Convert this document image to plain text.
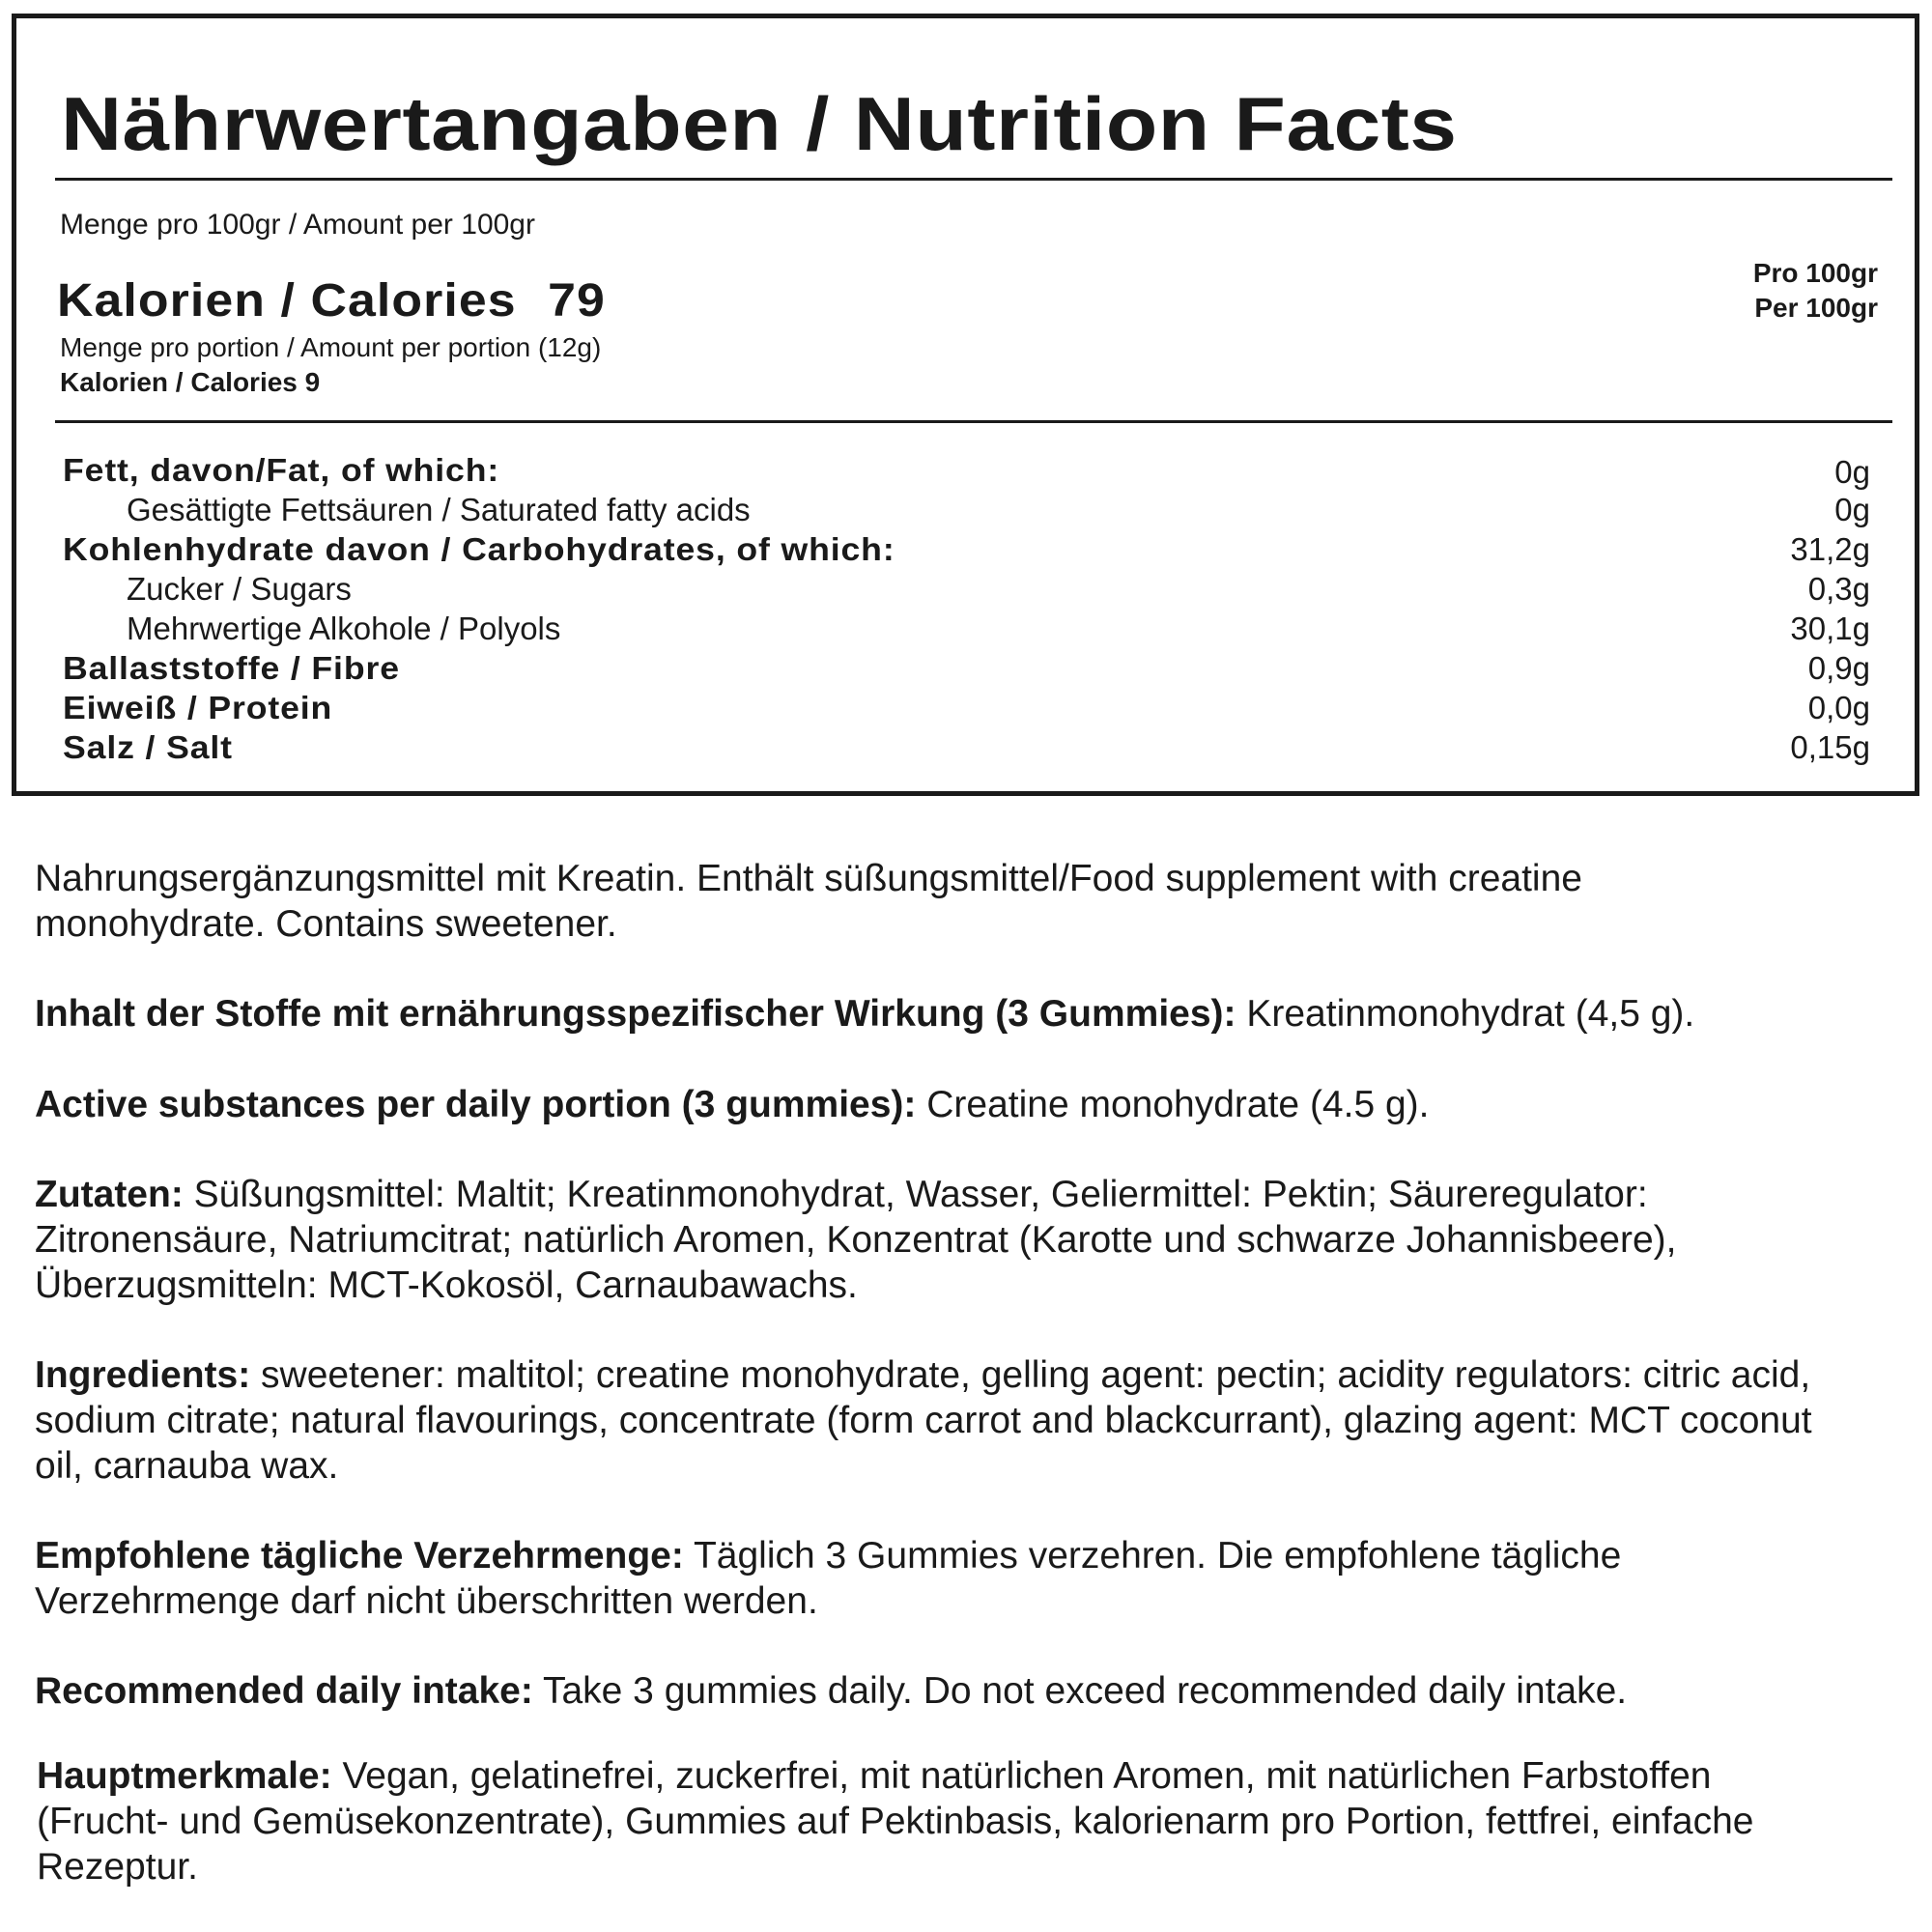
Nährwertangaben / Nutrition Facts
Menge pro 100gr / Amount per 100gr
Kalorien / Calories 79
Pro 100gr
Per 100gr
Menge pro portion / Amount per portion (12g)
Kalorien / Calories 9
Fett, davon/Fat, of which:	0g
Gesättigte Fettsäuren / Saturated fatty acids	0g
Kohlenhydrate davon / Carbohydrates, of which:	31,2g
Zucker / Sugars	0,3g
Mehrwertige Alkohole / Polyols	30,1g
Ballaststoffe / Fibre	0,9g
Eiweiß / Protein	0,0g
Salz / Salt	0,15g
Nahrungsergänzungsmittel mit Kreatin. Enthält süßungsmittel/Food supplement with creatine
monohydrate. Contains sweetener.
Inhalt der Stoffe mit ernährungsspezifischer Wirkung (3 Gummies): Kreatinmonohydrat (4,5 g).
Active substances per daily portion (3 gummies): Creatine monohydrate (4.5 g).
Zutaten: Süßungsmittel: Maltit; Kreatinmonohydrat, Wasser, Geliermittel: Pektin; Säureregulator:
Zitronensäure, Natriumcitrat; natürlich Aromen, Konzentrat (Karotte und schwarze Johannisbeere),
Überzugsmitteln: MCT-Kokosöl, Carnaubawachs.
Ingredients: sweetener: maltitol; creatine monohydrate, gelling agent: pectin; acidity regulators: citric acid,
sodium citrate; natural flavourings, concentrate (form carrot and blackcurrant), glazing agent: MCT coconut
oil, carnauba wax.
Empfohlene tägliche Verzehrmenge: Täglich 3 Gummies verzehren. Die empfohlene tägliche
Verzehrmenge darf nicht überschritten werden.
Recommended daily intake: Take 3 gummies daily. Do not exceed recommended daily intake.
Hauptmerkmale: Vegan, gelatinefrei, zuckerfrei, mit natürlichen Aromen, mit natürlichen Farbstoffen
(Frucht- und Gemüsekonzentrate), Gummies auf Pektinbasis, kalorienarm pro Portion, fettfrei, einfache
Rezeptur.
